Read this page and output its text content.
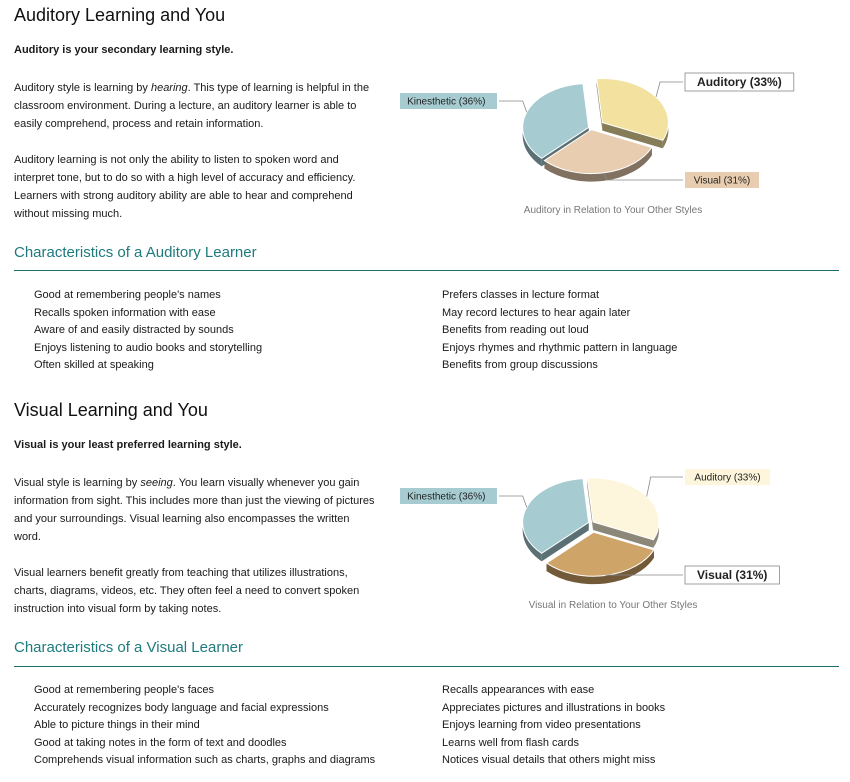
Auditory Learning and You

Auditory is your secondary learning style.

Auditory style is learning by hearing. This type of learning is helpful in the classroom environment. During a lecture, an auditory learner is able to easily comprehend, process and retain information.

Auditory learning is not only the ability to listen to spoken word and interpret tone, but to do so with a high level of accuracy and efficiency. Learners with strong auditory ability are able to hear and comprehend without missing much.

Auditory (33%)
Visual (31%)
Kinesthetic (36%)
Auditory in Relation to Your Other Styles
Characteristics of a Auditory Learner
Good at remembering people's names
Recalls spoken information with ease
Aware of and easily distracted by sounds
Enjoys listening to audio books and storytelling
Often skilled at speaking
Prefers classes in lecture format
May record lectures to hear again later
Benefits from reading out loud
Enjoys rhymes and rhythmic pattern in language
Benefits from group discussions
Visual Learning and You

Visual is your least preferred learning style.

Visual style is learning by seeing. You learn visually whenever you gain information from sight. This includes more than just the viewing of pictures and your surroundings. Visual learning also encompasses the written word.

Visual learners benefit greatly from teaching that utilizes illustrations, charts, diagrams, videos, etc. They often feel a need to convert spoken instruction into visual form by taking notes.

Auditory (33%)
Visual (31%)
Kinesthetic (36%)
Visual in Relation to Your Other Styles
Characteristics of a Visual Learner
Good at remembering people's faces
Accurately recognizes body language and facial expressions
Able to picture things in their mind
Good at taking notes in the form of text and doodles
Comprehends visual information such as charts, graphs and diagrams
Recalls appearances with ease
Appreciates pictures and illustrations in books
Enjoys learning from video presentations
Learns well from flash cards
Notices visual details that others might miss
